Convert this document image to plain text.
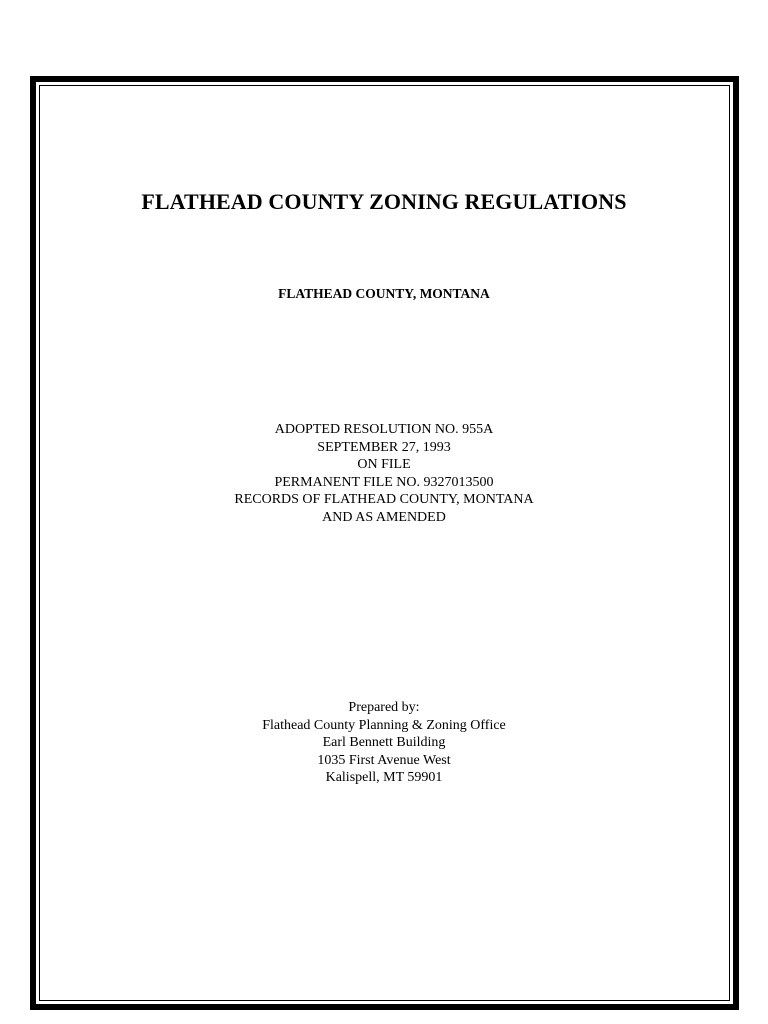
FLATHEAD COUNTY ZONING REGULATIONS
FLATHEAD COUNTY, MONTANA
ADOPTED RESOLUTION NO. 955A
SEPTEMBER 27, 1993
ON FILE
PERMANENT FILE NO. 9327013500
RECORDS OF FLATHEAD COUNTY, MONTANA
AND AS AMENDED
Prepared by:
Flathead County Planning & Zoning Office
Earl Bennett Building
1035 First Avenue West
Kalispell, MT 59901
